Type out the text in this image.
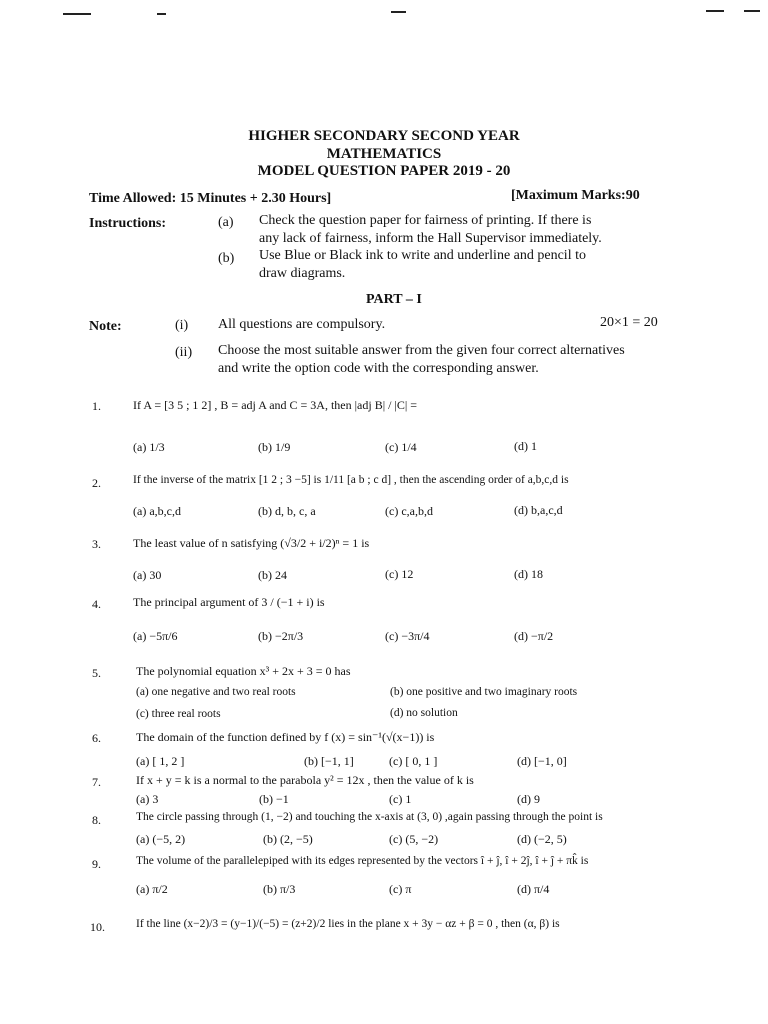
HIGHER SECONDARY SECOND YEAR
MATHEMATICS
MODEL QUESTION PAPER 2019 - 20
Time Allowed: 15 Minutes + 2.30 Hours]	[Maximum Marks:90
Instructions:	(a) Check the question paper for fairness of printing. If there is
any lack of fairness, inform the Hall Supervisor immediately.
(b) Use Blue or Black ink to write and underline and pencil to
draw diagrams.
PART – I
Note:	(i) All questions are compulsory.	20×1 = 20
(ii) Choose the most suitable answer from the given four correct alternatives
and write the option code with the corresponding answer.
1.	If A = [3 5 ; 1 2] , B = adj A and C = 3A, then |adj B| / |C| =
(a) 1/3	(b) 1/9	(c) 1/4	(d) 1
2.	If the inverse of the matrix [1 2 ; 3 −5] is 1/11 [a b ; c d] , then the ascending order of a,b,c,d is
(a) a,b,c,d	(b) d, b, c, a	(c) c,a,b,d	(d) b,a,c,d
3.	The least value of n satisfying (√3/2 + i/2)ⁿ = 1 is
(a) 30	(b) 24	(c) 12	(d) 18
4.	The principal argument of 3 / (−1 + i) is
(a) −5π/6	(b) −2π/3	(c) −3π/4	(d) −π/2
5.	The polynomial equation x³ + 2x + 3 = 0 has
(a) one negative and two real roots	(b) one positive and two imaginary roots
(c) three real roots	(d) no solution
6.	The domain of the function defined by f (x) = sin⁻¹(√(x−1)) is
(a) [ 1, 2 ]	(b) [−1, 1]	(c) [ 0, 1 ]	(d) [−1, 0]
7.	If x + y = k is a normal to the parabola y² = 12x , then the value of k is
(a) 3	(b) −1	(c) 1	(d) 9
8.	The circle passing through (1, −2) and touching the x-axis at (3, 0) ,again passing through the point is
(a) (−5, 2)	(b) (2, −5)	(c) (5, −2)	(d) (−2, 5)
9.	The volume of the parallelepiped with its edges represented by the vectors î + ĵ, î + 2ĵ, î + ĵ + πk̂ is
(a) π/2	(b) π/3	(c) π	(d) π/4
10.	If the line (x−2)/3 = (y−1)/(−5) = (z+2)/2 lies in the plane x + 3y − αz + β = 0 , then (α, β) is
